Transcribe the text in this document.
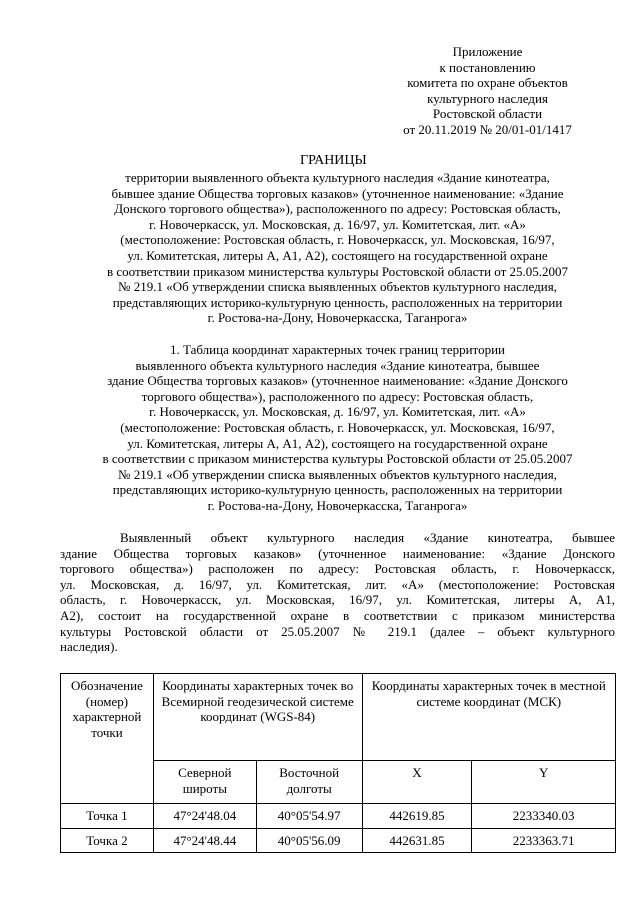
Приложение
к постановлению
комитета по охране объектов
культурного наследия
Ростовской области
от 20.11.2019 № 20/01-01/1417
ГРАНИЦЫ
территории выявленного объекта культурного наследия «Здание кинотеатра,
бывшее здание Общества торговых казаков» (уточненное наименование: «Здание
Донского торгового общества»), расположенного по адресу: Ростовская область,
г. Новочеркасск, ул. Московская, д. 16/97, ул. Комитетская, лит. «А»
(местоположение: Ростовская область, г. Новочеркасск, ул. Московская, 16/97,
ул. Комитетская, литеры А, А1, А2), состоящего на государственной охране
в соответствии приказом министерства культуры Ростовской области от 25.05.2007
№ 219.1 «Об утверждении списка выявленных объектов культурного наследия,
представляющих историко-культурную ценность, расположенных на территории
г. Ростова-на-Дону, Новочеркасска, Таганрога»
1. Таблица координат характерных точек границ территории
выявленного объекта культурного наследия «Здание кинотеатра, бывшее
здание Общества торговых казаков» (уточненное наименование: «Здание Донского
торгового общества»), расположенного по адресу: Ростовская область,
г. Новочеркасск, ул. Московская, д. 16/97, ул. Комитетская, лит. «А»
(местоположение: Ростовская область, г. Новочеркасск, ул. Московская, 16/97,
ул. Комитетская, литеры А, А1, А2), состоящего на государственной охране
в соответствии с приказом министерства культуры Ростовской области от 25.05.2007
№ 219.1 «Об утверждении списка выявленных объектов культурного наследия,
представляющих историко-культурную ценность, расположенных на территории
г. Ростова-на-Дону, Новочеркасска, Таганрога»
Выявленный объект культурного наследия «Здание кинотеатра, бывшее
здание Общества торговых казаков» (уточненное наименование: «Здание Донского
торгового общества») расположен по адресу: Ростовская область, г. Новочеркасск,
ул. Московская, д. 16/97, ул. Комитетская, лит. «А» (местоположение: Ростовская
область, г. Новочеркасск, ул. Московская, 16/97, ул. Комитетская, литеры А, А1,
А2), состоит на государственной охране в соответствии с приказом министерства
культуры Ростовской области от 25.05.2007 № 219.1 (далее – объект культурного
наследия).
Обозначение (номер) характерной точки	Координаты характерных точек во Всемирной геодезической системе координат (WGS-84)		Координаты характерных точек в местной системе координат (МСК)	
	Северной широты	Восточной долготы	X	Y
Точка 1	47°24'48.04	40°05'54.97	442619.85	2233340.03
Точка 2	47°24'48.44	40°05'56.09	442631.85	2233363.71
